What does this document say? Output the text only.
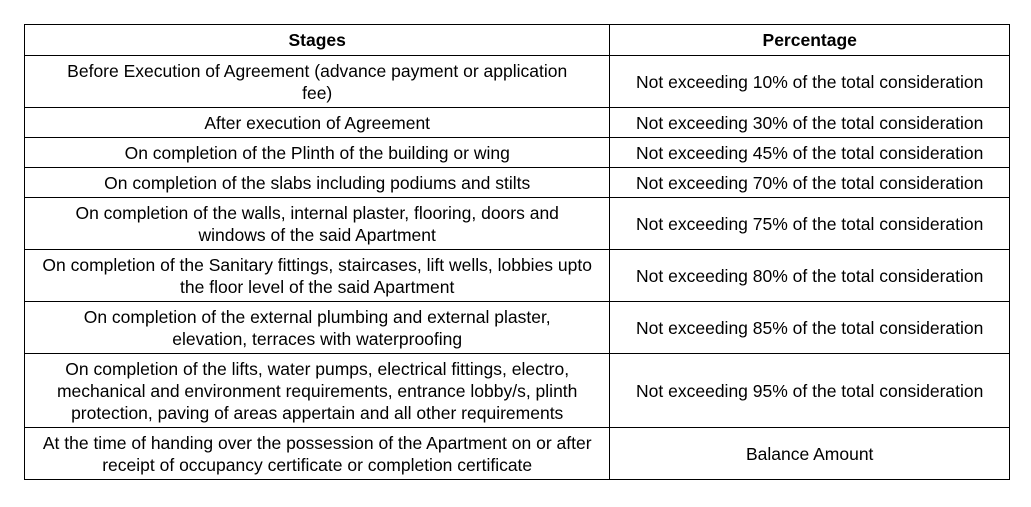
Stages	Percentage
Before Execution of Agreement (advance payment or application fee)	Not exceeding 10% of the total consideration
After execution of Agreement	Not exceeding 30% of the total consideration
On completion of the Plinth of the building or wing	Not exceeding 45% of the total consideration
On completion of the slabs including podiums and stilts	Not exceeding 70% of the total consideration
On completion of the walls, internal plaster, flooring, doors and windows of the said Apartment	Not exceeding 75% of the total consideration
On completion of the Sanitary fittings, staircases, lift wells, lobbies upto the floor level of the said Apartment	Not exceeding 80% of the total consideration
On completion of the external plumbing and external plaster, elevation, terraces with waterproofing	Not exceeding 85% of the total consideration
On completion of the lifts, water pumps, electrical fittings, electro, mechanical and environment requirements, entrance lobby/s, plinth protection, paving of areas appertain and all other requirements	Not exceeding 95% of the total consideration
At the time of handing over the possession of the Apartment on or after receipt of occupancy certificate or completion certificate	Balance Amount
